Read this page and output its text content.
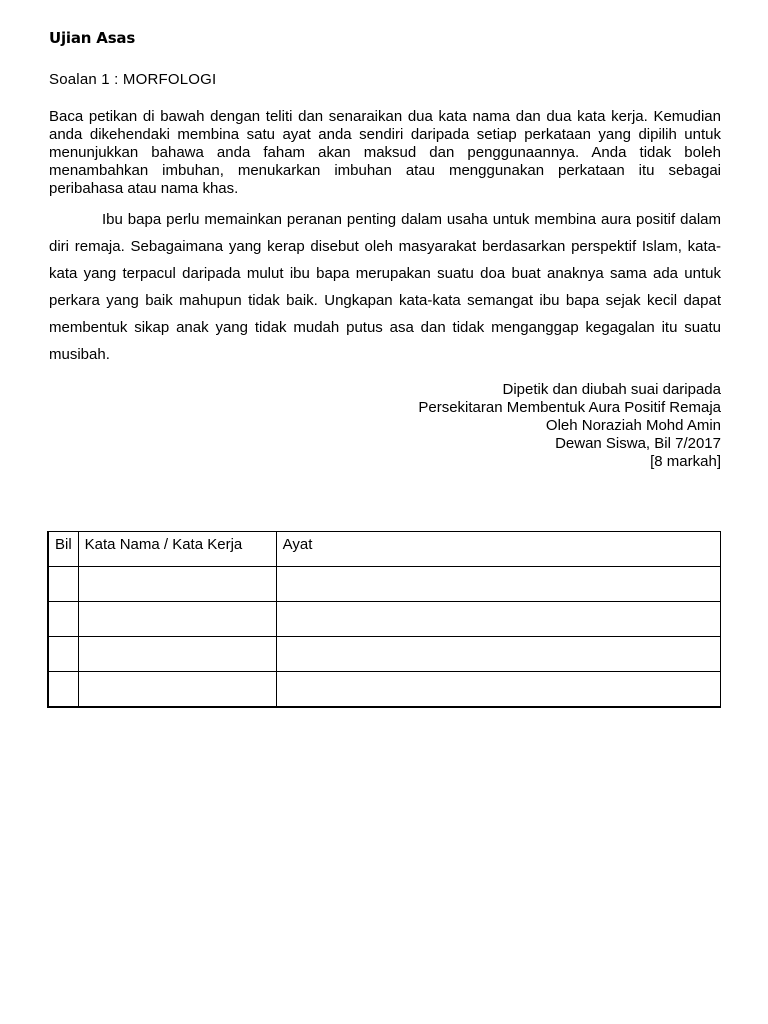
Ujian Asas
Soalan 1 : MORFOLOGI
Baca petikan di bawah dengan teliti dan senaraikan dua kata nama dan dua kata kerja. Kemudian anda dikehendaki membina satu ayat anda sendiri daripada setiap perkataan yang dipilih untuk menunjukkan bahawa anda faham akan maksud dan penggunaannya. Anda tidak boleh menambahkan imbuhan, menukarkan imbuhan atau menggunakan perkataan itu sebagai peribahasa atau nama khas.
Ibu bapa perlu memainkan peranan penting dalam usaha untuk membina aura positif dalam diri remaja. Sebagaimana yang kerap disebut oleh masyarakat berdasarkan perspektif Islam, kata-kata yang terpacul daripada mulut ibu bapa merupakan suatu doa buat anaknya sama ada untuk perkara yang baik mahupun tidak baik. Ungkapan kata-kata semangat ibu bapa sejak kecil dapat membentuk sikap anak yang tidak mudah putus asa dan tidak menganggap kegagalan itu suatu musibah.
Dipetik dan diubah suai daripada
Persekitaran Membentuk Aura Positif Remaja
Oleh Noraziah Mohd Amin
Dewan Siswa, Bil 7/2017
[8 markah]
Bil	Kata Nama / Kata Kerja	Ayat
